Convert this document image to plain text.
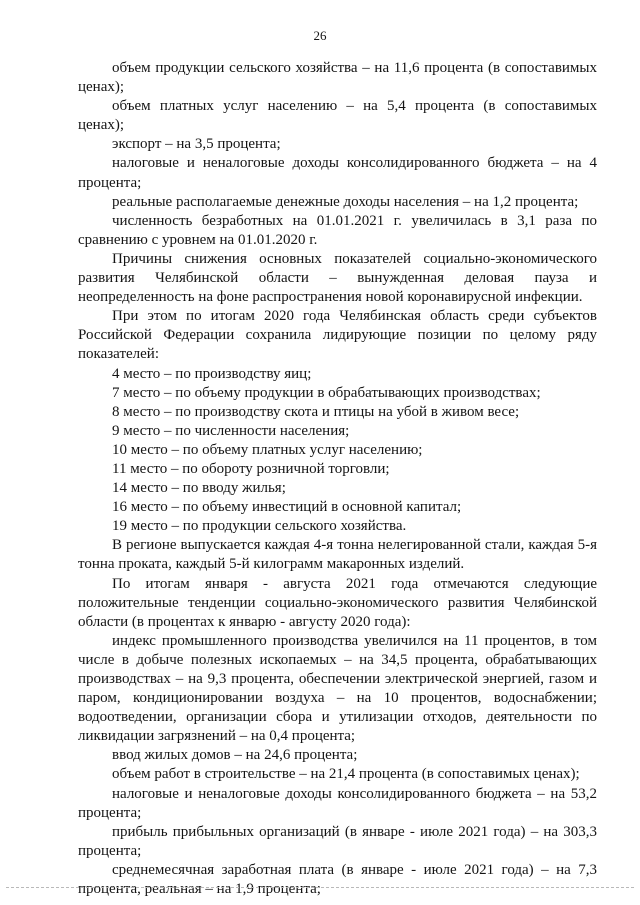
26

объем продукции сельского хозяйства – на 11,6 процента (в сопоставимых ценах);

объем платных услуг населению – на 5,4 процента (в сопоставимых ценах);

экспорт – на 3,5 процента;

налоговые и неналоговые доходы консолидированного бюджета – на 4 процента;

реальные располагаемые денежные доходы населения – на 1,2 процента;

численность безработных на 01.01.2021 г. увеличилась в 3,1 раза по сравнению с уровнем на 01.01.2020 г.

Причины снижения основных показателей социально-экономического развития Челябинской области – вынужденная деловая пауза и неопределенность на фоне распространения новой коронавирусной инфекции.

При этом по итогам 2020 года Челябинская область среди субъектов Российской Федерации сохранила лидирующие позиции по целому ряду показателей:

4 место – по производству яиц;

7 место – по объему продукции в обрабатывающих производствах;

8 место – по производству скота и птицы на убой в живом весе;

9 место – по численности населения;

10 место – по объему платных услуг населению;

11 место – по обороту розничной торговли;

14 место – по вводу жилья;

16 место – по объему инвестиций в основной капитал;

19 место – по продукции сельского хозяйства.

В регионе выпускается каждая 4-я тонна нелегированной стали, каждая 5-я тонна проката, каждый 5-й килограмм макаронных изделий.

По итогам января - августа 2021 года отмечаются следующие положительные тенденции социально-экономического развития Челябинской области (в процентах к январю - августу 2020 года):

индекс промышленного производства увеличился на 11 процентов, в том числе в добыче полезных ископаемых – на 34,5 процента, обрабатывающих производствах – на 9,3 процента, обеспечении электрической энергией, газом и паром, кондиционировании воздуха – на 10 процентов, водоснабжении; водоотведении, организации сбора и утилизации отходов, деятельности по ликвидации загрязнений – на 0,4 процента;

ввод жилых домов – на 24,6 процента;

объем работ в строительстве – на 21,4 процента (в сопоставимых ценах);

налоговые и неналоговые доходы консолидированного бюджета – на 53,2 процента;

прибыль прибыльных организаций (в январе - июле 2021 года) – на 303,3 процента;

среднемесячная заработная плата (в январе - июле 2021 года) – на 7,3 процента, реальная – на 1,9 процента;
